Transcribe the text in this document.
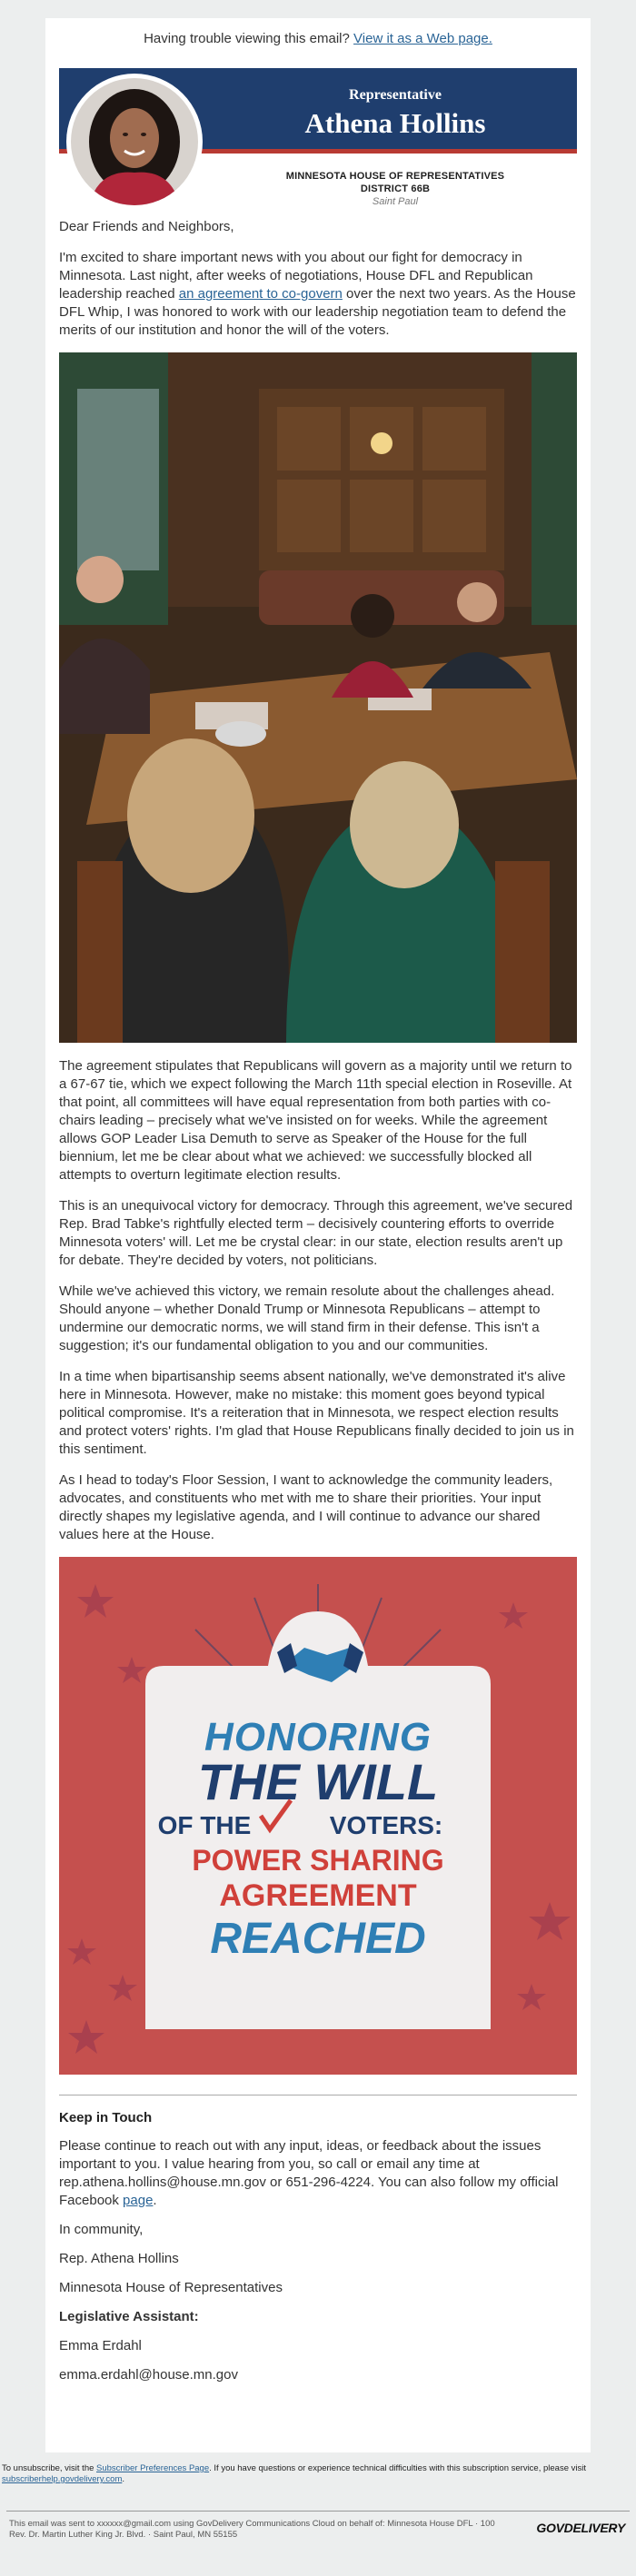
Having trouble viewing this email? View it as a Web page.
Representative
Athena Hollins
MINNESOTA HOUSE OF REPRESENTATIVES
DISTRICT 66B
Saint Paul

Dear Friends and Neighbors,

I'm excited to share important news with you about our fight for democracy in Minnesota. Last night, after weeks of negotiations, House DFL and Republican leadership reached an agreement to co-govern over the next two years. As the House DFL Whip, I was honored to work with our leadership negotiation team to defend the merits of our institution and honor the will of the voters.

The agreement stipulates that Republicans will govern as a majority until we return to a 67-67 tie, which we expect following the March 11th special election in Roseville. At that point, all committees will have equal representation from both parties with co-chairs leading – precisely what we've insisted on for weeks. While the agreement allows GOP Leader Lisa Demuth to serve as Speaker of the House for the full biennium, let me be clear about what we achieved: we successfully blocked all attempts to overturn legitimate election results.

This is an unequivocal victory for democracy. Through this agreement, we've secured Rep. Brad Tabke's rightfully elected term – decisively countering efforts to override Minnesota voters' will. Let me be crystal clear: in our state, election results aren't up for debate. They're decided by voters, not politicians.

While we've achieved this victory, we remain resolute about the challenges ahead. Should anyone – whether Donald Trump or Minnesota Republicans – attempt to undermine our democratic norms, we will stand firm in their defense. This isn't a suggestion; it's our fundamental obligation to you and our communities.

In a time when bipartisanship seems absent nationally, we've demonstrated it's alive here in Minnesota. However, make no mistake: this moment goes beyond typical political compromise. It's a reiteration that in Minnesota, we respect election results and protect voters' rights. I'm glad that House Republicans finally decided to join us in this sentiment.

As I head to today's Floor Session, I want to acknowledge the community leaders, advocates, and constituents who met with me to share their priorities. Your input directly shapes my legislative agenda, and I will continue to advance our shared values here at the House.

HONORING
THE WILL
OF THE	VOTERS:
POWER SHARING
AGREEMENT
REACHED
Keep in Touch

Please continue to reach out with any input, ideas, or feedback about the issues important to you. I value hearing from you, so call or email any time at rep.athena.hollins@house.mn.gov or 651-296-4224. You can also follow my official Facebook page.

In community,

Rep. Athena Hollins

Minnesota House of Representatives

Legislative Assistant:

Emma Erdahl

emma.erdahl@house.mn.gov

To unsubscribe, visit the Subscriber Preferences Page. If you have questions or experience technical difficulties with this subscription service, please visit subscriberhelp.govdelivery.com.
This email was sent to xxxxxx@gmail.com using GovDelivery Communications Cloud on behalf of: Minnesota House DFL · 100
Rev. Dr. Martin Luther King Jr. Blvd. · Saint Paul, MN 55155	GOVDELIVERY
